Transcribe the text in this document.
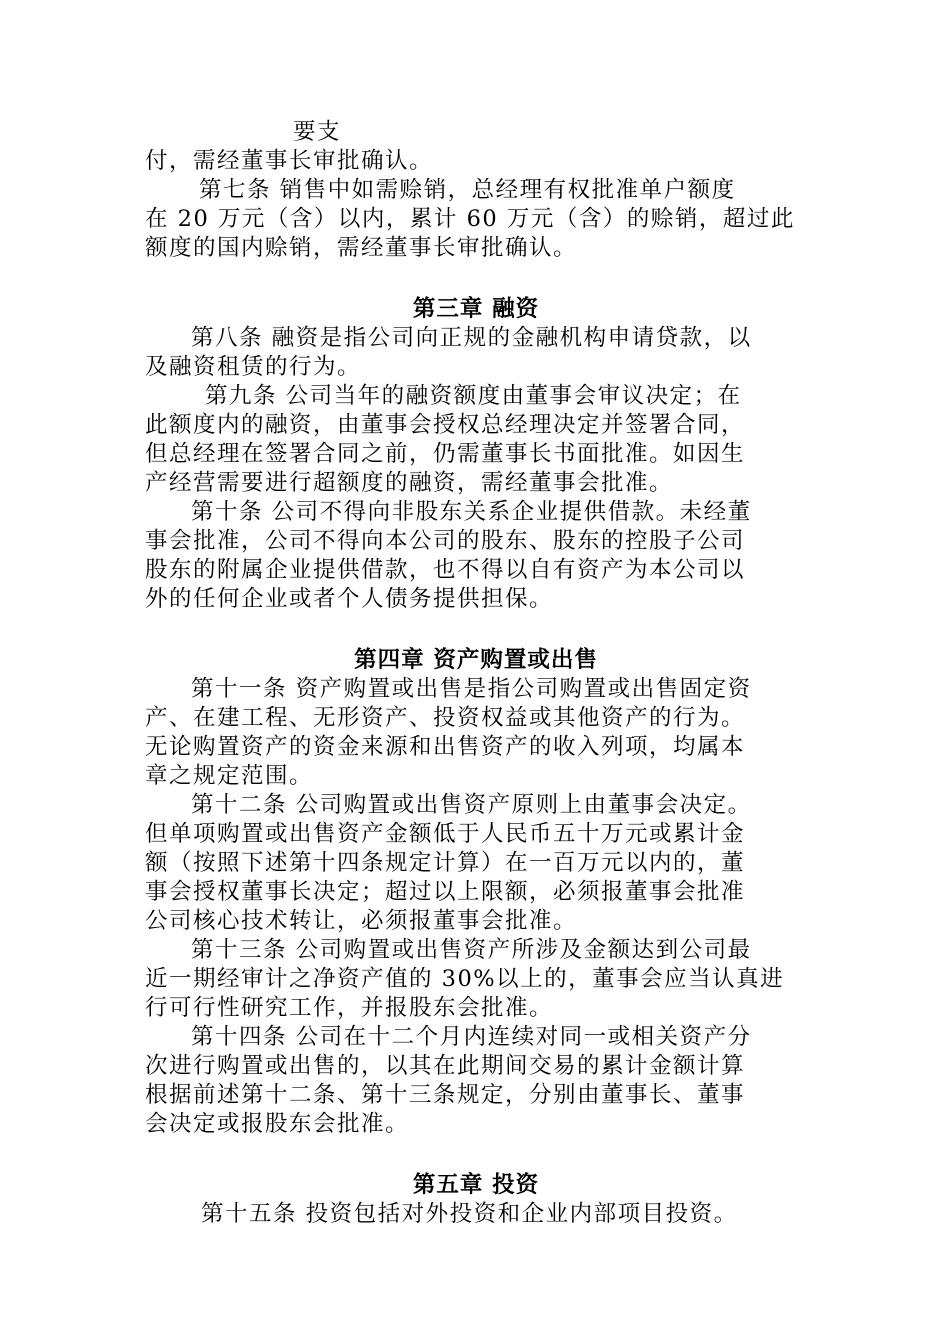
要支
付，需经董事长审批确认。
第七条 销售中如需赊销，总经理有权批准单户额度
在 20 万元（含）以内，累计 60 万元（含）的赊销，超过此
额度的国内赊销，需经董事长审批确认。
第三章 融资
第八条 融资是指公司向正规的金融机构申请贷款，以
及融资租赁的行为。
第九条 公司当年的融资额度由董事会审议决定；在
此额度内的融资，由董事会授权总经理决定并签署合同，
但总经理在签署合同之前，仍需董事长书面批准。如因生
产经营需要进行超额度的融资，需经董事会批准。
第十条 公司不得向非股东关系企业提供借款。未经董
事会批准，公司不得向本公司的股东、股东的控股子公司
股东的附属企业提供借款，也不得以自有资产为本公司以
外的任何企业或者个人债务提供担保。
第四章 资产购置或出售
第十一条 资产购置或出售是指公司购置或出售固定资
产、在建工程、无形资产、投资权益或其他资产的行为。
无论购置资产的资金来源和出售资产的收入列项，均属本
章之规定范围。
第十二条 公司购置或出售资产原则上由董事会决定。
但单项购置或出售资产金额低于人民币五十万元或累计金
额（按照下述第十四条规定计算）在一百万元以内的，董
事会授权董事长决定；超过以上限额，必须报董事会批准
公司核心技术转让，必须报董事会批准。
第十三条 公司购置或出售资产所涉及金额达到公司最
近一期经审计之净资产值的 30%以上的，董事会应当认真进
行可行性研究工作，并报股东会批准。
第十四条 公司在十二个月内连续对同一或相关资产分
次进行购置或出售的，以其在此期间交易的累计金额计算
根据前述第十二条、第十三条规定，分别由董事长、董事
会决定或报股东会批准。
第五章 投资
第十五条 投资包括对外投资和企业内部项目投资。
